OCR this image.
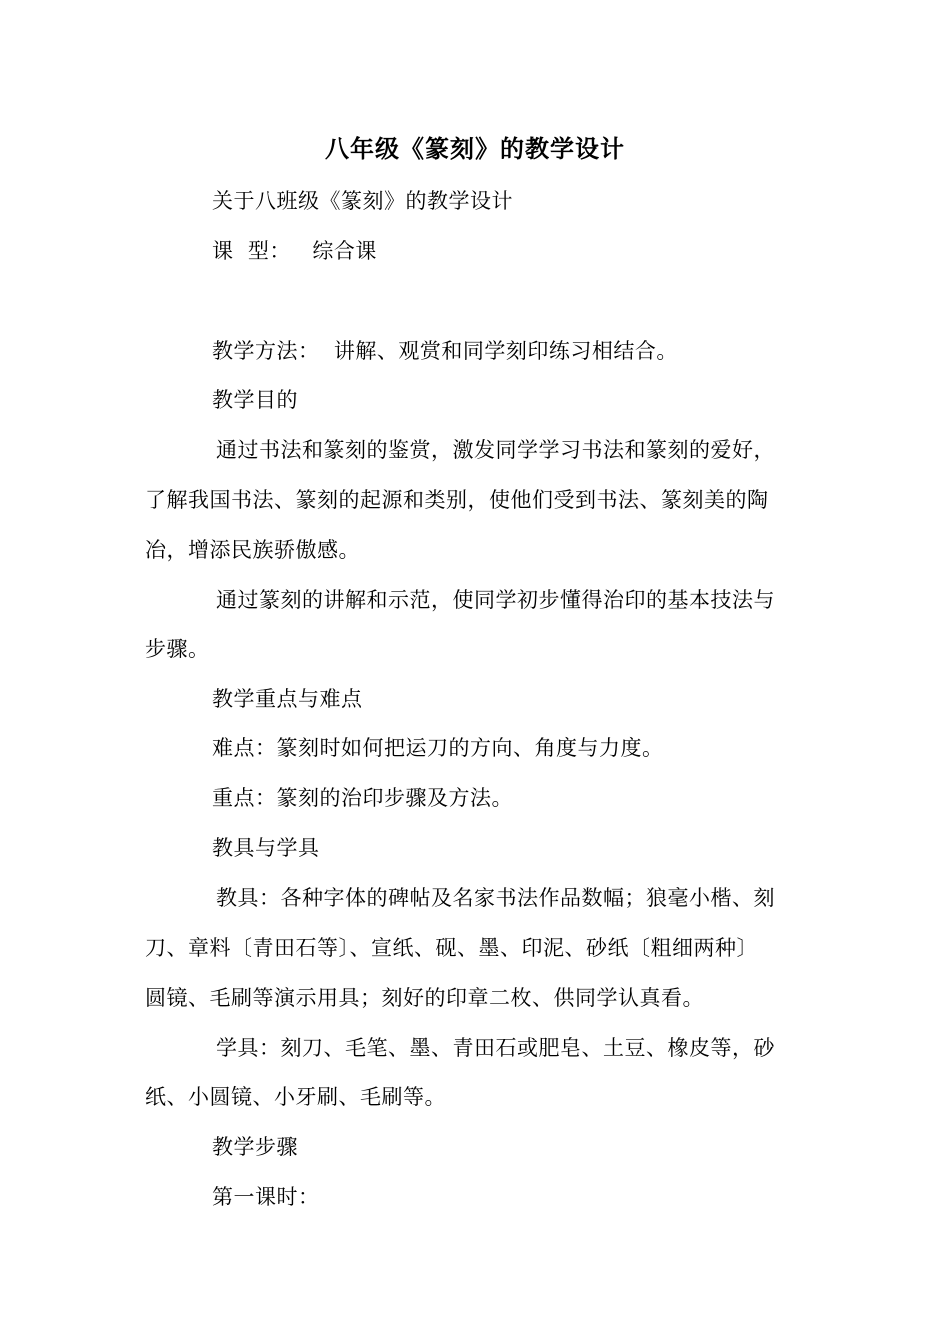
八年级《篆刻》的教学设计
关于八班级《篆刻》的教学设计
课  型：   综合课
教学方法：  讲解、观赏和同学刻印练习相结合。
教学目的
通过书法和篆刻的鉴赏，激发同学学习书法和篆刻的爱好，
了解我国书法、篆刻的起源和类别，使他们受到书法、篆刻美的陶
冶，增添民族骄傲感。
通过篆刻的讲解和示范，使同学初步懂得治印的基本技法与
步骤。
教学重点与难点
难点：篆刻时如何把运刀的方向、角度与力度。
重点：篆刻的治印步骤及方法。
教具与学具
教具：各种字体的碑帖及名家书法作品数幅；狼毫小楷、刻
刀、章料〔青田石等〕、宣纸、砚、墨、印泥、砂纸〔粗细两种〕
圆镜、毛刷等演示用具；刻好的印章二枚、供同学认真看。
学具：刻刀、毛笔、墨、青田石或肥皂、土豆、橡皮等，砂
纸、小圆镜、小牙刷、毛刷等。
教学步骤
第一课时：
